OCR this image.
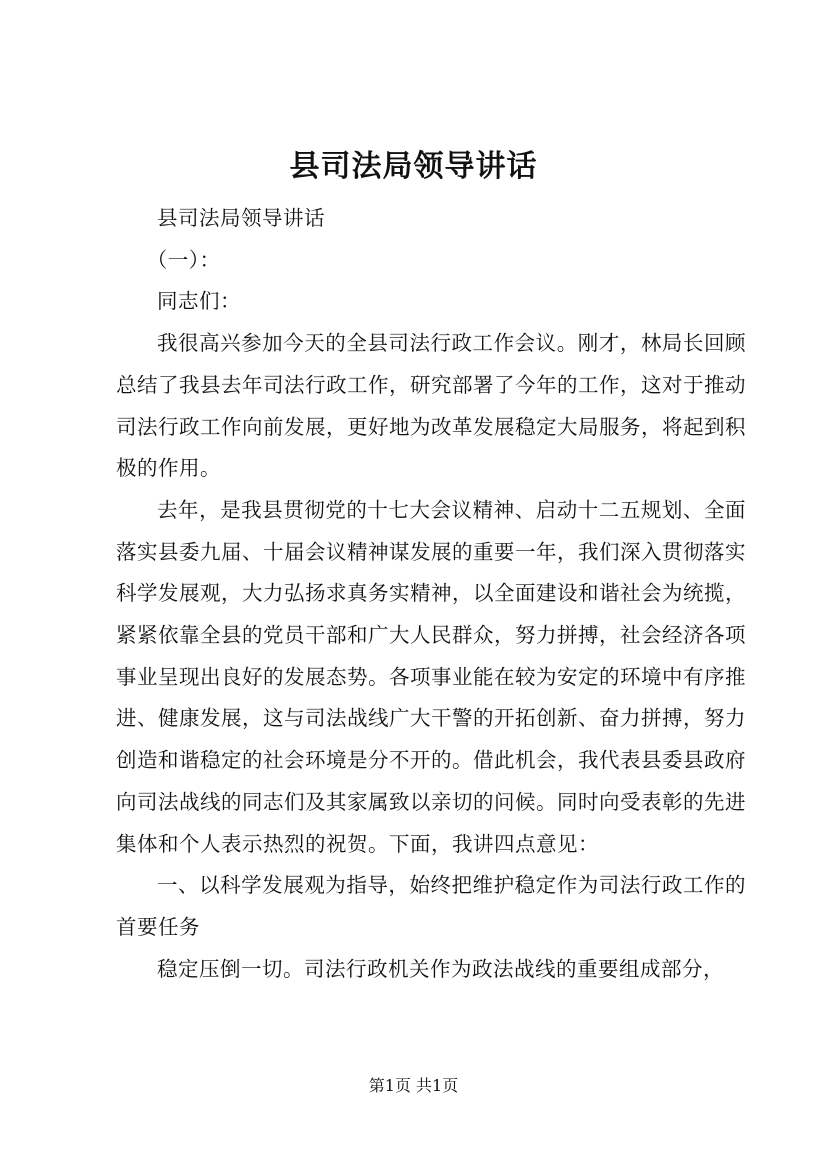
县司法局领导讲话

县司法局领导讲话

（一）：

同志们：

我很高兴参加今天的全县司法行政工作会议。刚才，林局长回顾总结了我县去年司法行政工作，研究部署了今年的工作，这对于推动司法行政工作向前发展，更好地为改革发展稳定大局服务，将起到积极的作用。

去年，是我县贯彻党的十七大会议精神、启动十二五规划、全面落实县委九届、十届会议精神谋发展的重要一年，我们深入贯彻落实科学发展观，大力弘扬求真务实精神，以全面建设和谐社会为统揽，紧紧依靠全县的党员干部和广大人民群众，努力拼搏，社会经济各项事业呈现出良好的发展态势。各项事业能在较为安定的环境中有序推进、健康发展，这与司法战线广大干警的开拓创新、奋力拼搏，努力创造和谐稳定的社会环境是分不开的。借此机会，我代表县委县政府向司法战线的同志们及其家属致以亲切的问候。同时向受表彰的先进集体和个人表示热烈的祝贺。下面，我讲四点意见：

一、以科学发展观为指导，始终把维护稳定作为司法行政工作的首要任务

稳定压倒一切。司法行政机关作为政法战线的重要组成部分，

第1页 共1页
